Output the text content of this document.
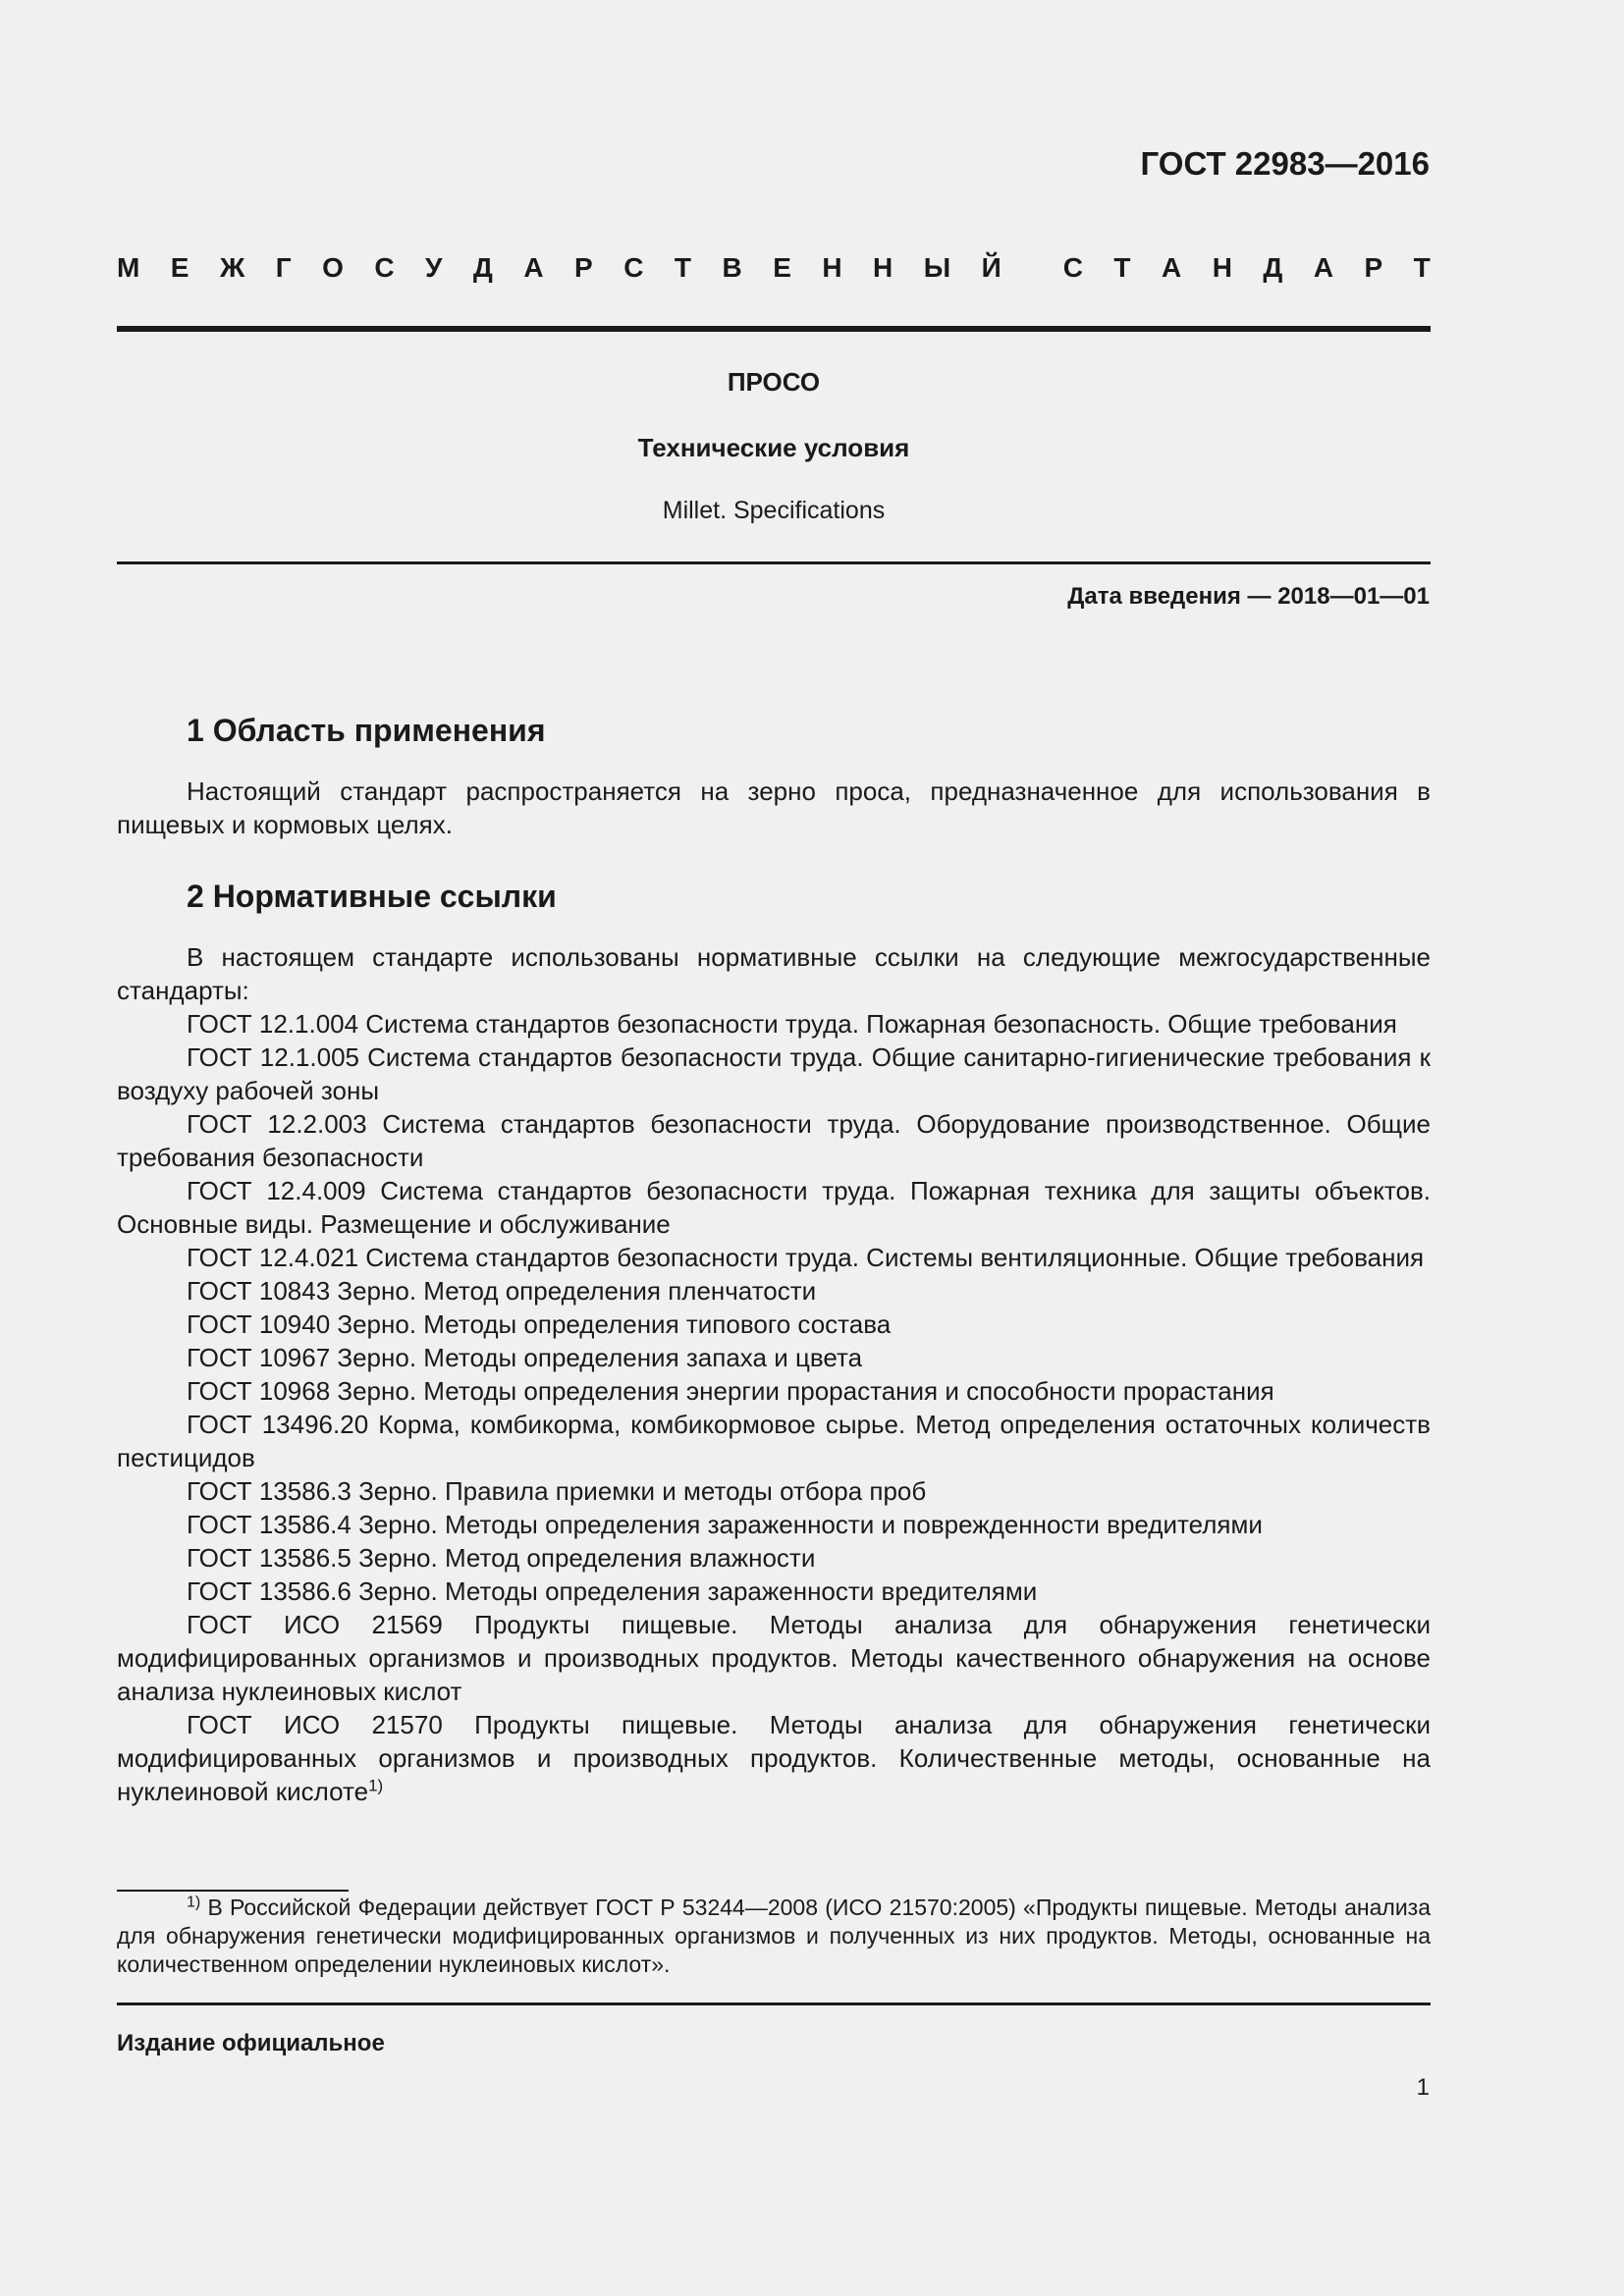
ГОСТ 22983—2016
М Е Ж Г О С У Д А Р С Т В Е Н Н Ы Й С Т А Н Д А Р Т
ПРОСО
Технические условия
Millet. Specifications
Дата введения — 2018—01—01
1 Область применения

Настоящий стандарт распространяется на зерно проса, предназначенное для использования в пищевых и кормовых целях.

2 Нормативные ссылки

В настоящем стандарте использованы нормативные ссылки на следующие межгосударственные стандарты:

ГОСТ 12.1.004 Система стандартов безопасности труда. Пожарная безопасность. Общие требования

ГОСТ 12.1.005 Система стандартов безопасности труда. Общие санитарно-гигиенические требования к воздуху рабочей зоны

ГОСТ 12.2.003 Система стандартов безопасности труда. Оборудование производственное. Общие требования безопасности

ГОСТ 12.4.009 Система стандартов безопасности труда. Пожарная техника для защиты объектов. Основные виды. Размещение и обслуживание

ГОСТ 12.4.021 Система стандартов безопасности труда. Системы вентиляционные. Общие требования

ГОСТ 10843 Зерно. Метод определения пленчатости

ГОСТ 10940 Зерно. Методы определения типового состава

ГОСТ 10967 Зерно. Методы определения запаха и цвета

ГОСТ 10968 Зерно. Методы определения энергии прорастания и способности прорастания

ГОСТ 13496.20 Корма, комбикорма, комбикормовое сырье. Метод определения остаточных количеств пестицидов

ГОСТ 13586.3 Зерно. Правила приемки и методы отбора проб

ГОСТ 13586.4 Зерно. Методы определения зараженности и поврежденности вредителями

ГОСТ 13586.5 Зерно. Метод определения влажности

ГОСТ 13586.6 Зерно. Методы определения зараженности вредителями

ГОСТ ИСО 21569 Продукты пищевые. Методы анализа для обнаружения генетически модифицированных организмов и производных продуктов. Методы качественного обнаружения на основе анализа нуклеиновых кислот

ГОСТ ИСО 21570 Продукты пищевые. Методы анализа для обнаружения генетически модифицированных организмов и производных продуктов. Количественные методы, основанные на нуклеиновой кислоте$^{1)}$

$^{1)}$ В Российской Федерации действует ГОСТ Р 53244—2008 (ИСО 21570:2005) «Продукты пищевые. Методы анализа для обнаружения генетически модифицированных организмов и полученных из них продуктов. Методы, основанные на количественном определении нуклеиновых кислот».
Издание официальное
1
